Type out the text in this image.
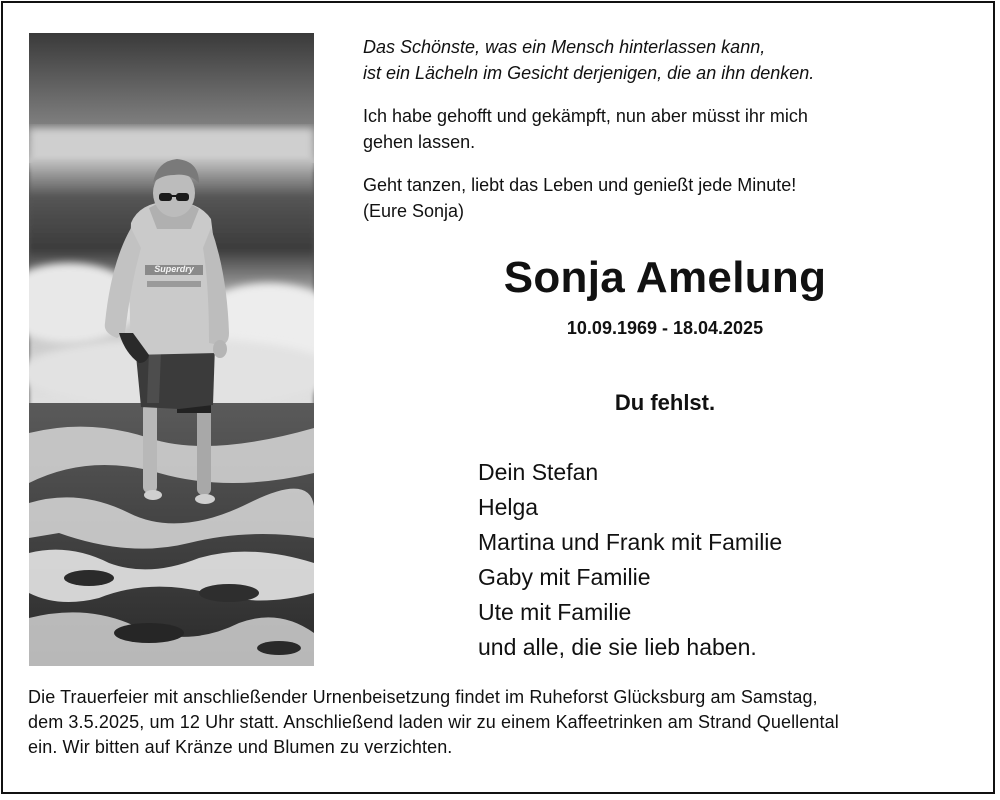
Superdry

Das Schönste, was ein Mensch hinterlassen kann,
ist ein Lächeln im Gesicht derjenigen, die an ihn denken.

Ich habe gehofft und gekämpft, nun aber müsst ihr mich
gehen lassen.

Geht tanzen, liebt das Leben und genießt jede Minute!
(Eure Sonja)

Sonja Amelung
10.09.1969 - 18.04.2025
Du fehlst.
Dein Stefan
Helga
Martina und Frank mit Familie
Gaby mit Familie
Ute mit Familie
und alle, die sie lieb haben.

Die Trauerfeier mit anschließender Urnenbeisetzung findet im Ruheforst Glücksburg am Samstag,
dem 3.5.2025, um 12 Uhr statt. Anschließend laden wir zu einem Kaffeetrinken am Strand Quellental
ein. Wir bitten auf Kränze und Blumen zu verzichten.
